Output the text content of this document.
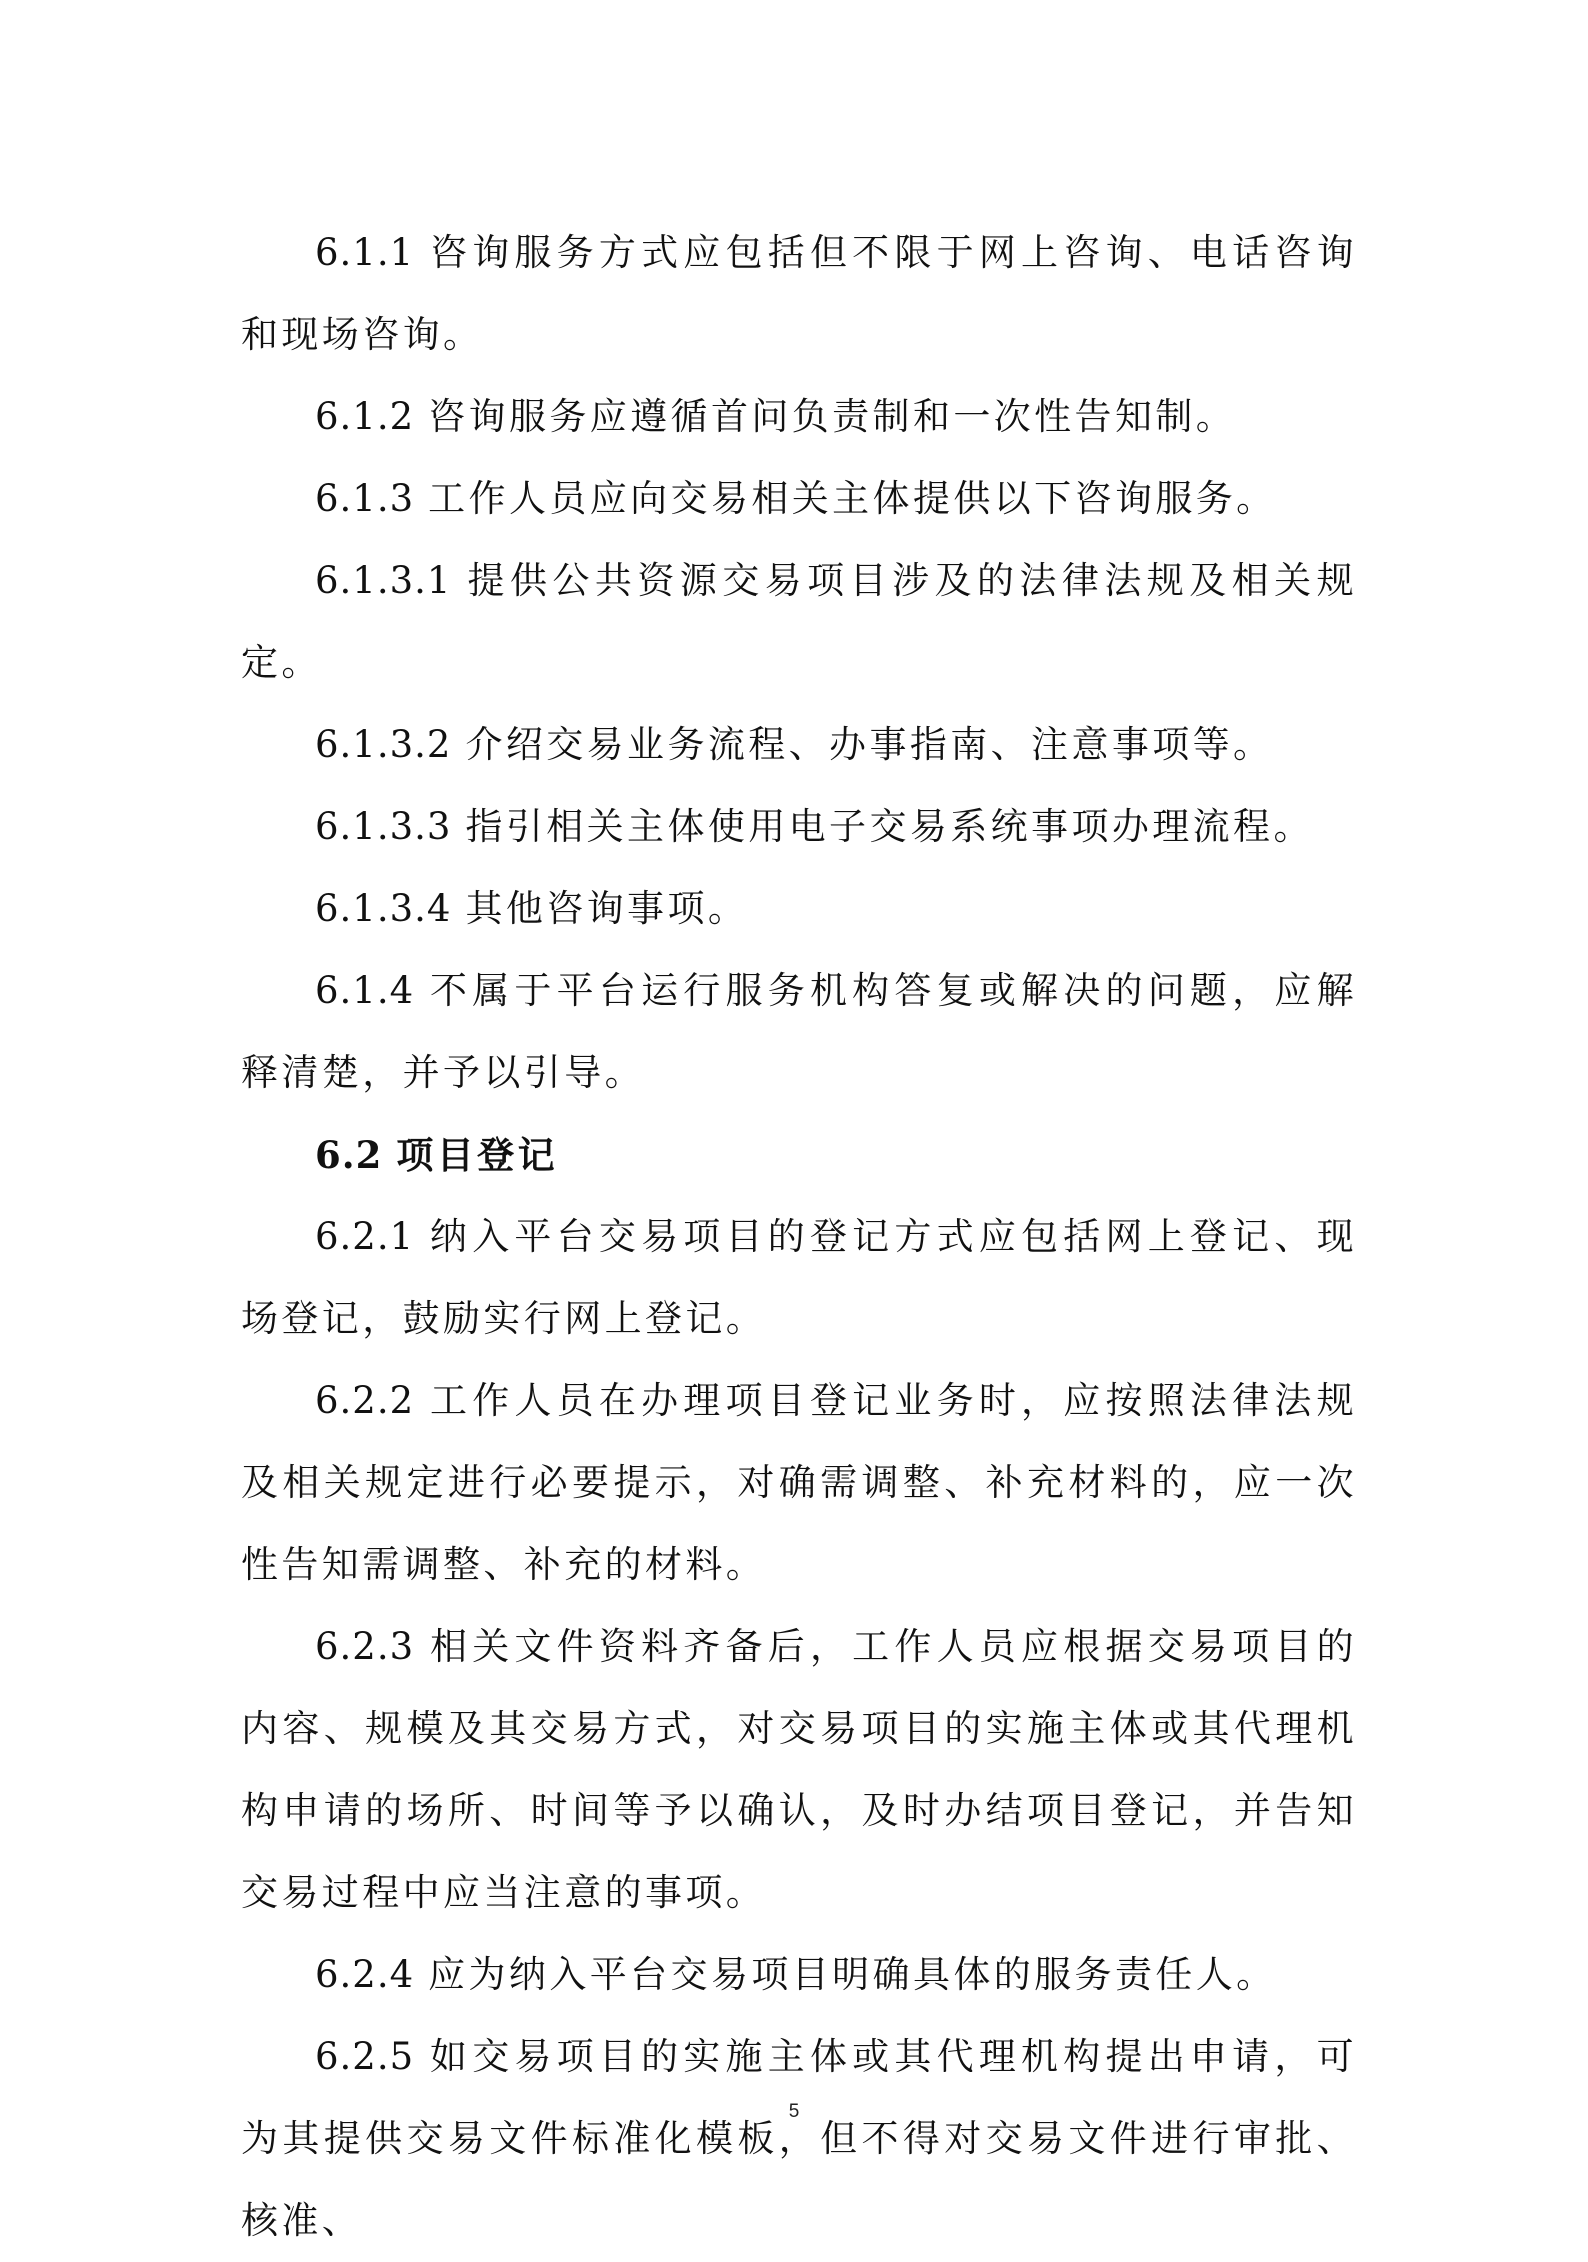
6.1.1 咨询服务方式应包括但不限于网上咨询、电话咨询和现场咨询。

6.1.2 咨询服务应遵循首问负责制和一次性告知制。

6.1.3 工作人员应向交易相关主体提供以下咨询服务。

6.1.3.1 提供公共资源交易项目涉及的法律法规及相关规定。

6.1.3.2 介绍交易业务流程、办事指南、注意事项等。

6.1.3.3 指引相关主体使用电子交易系统事项办理流程。

6.1.3.4 其他咨询事项。

6.1.4 不属于平台运行服务机构答复或解决的问题，应解释清楚，并予以引导。

6.2 项目登记

6.2.1 纳入平台交易项目的登记方式应包括网上登记、现场登记，鼓励实行网上登记。

6.2.2 工作人员在办理项目登记业务时，应按照法律法规及相关规定进行必要提示，对确需调整、补充材料的，应一次性告知需调整、补充的材料。

6.2.3 相关文件资料齐备后，工作人员应根据交易项目的内容、规模及其交易方式，对交易项目的实施主体或其代理机构申请的场所、时间等予以确认，及时办结项目登记，并告知交易过程中应当注意的事项。

6.2.4 应为纳入平台交易项目明确具体的服务责任人。

6.2.5 如交易项目的实施主体或其代理机构提出申请，可为其提供交易文件标准化模板，但不得对交易文件进行审批、核准、

5
